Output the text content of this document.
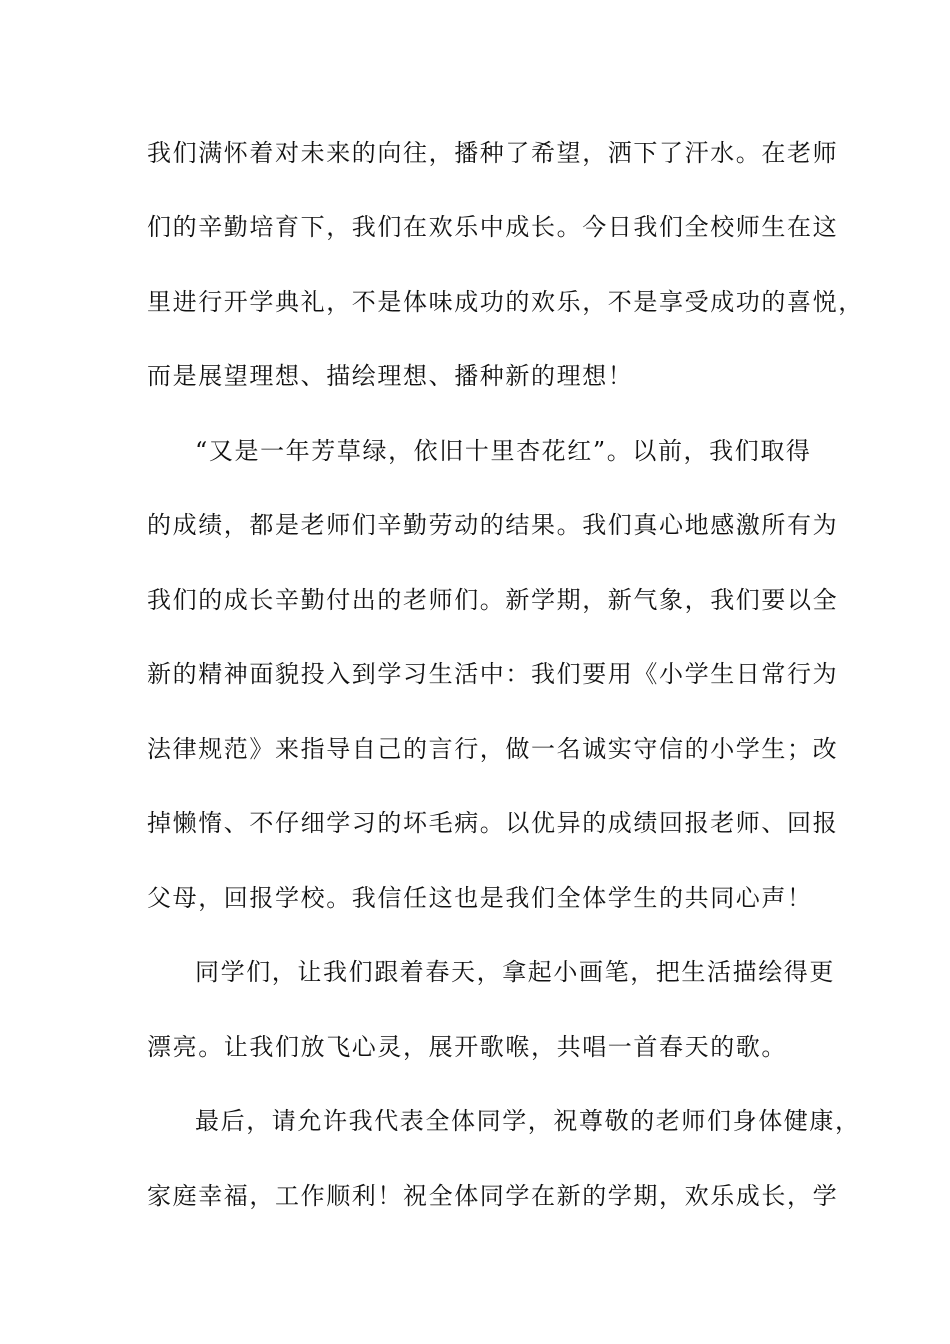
我们满怀着对未来的向往，播种了希望，洒下了汗水。在老师
们的辛勤培育下，我们在欢乐中成长。今日我们全校师生在这
里进行开学典礼，不是体味成功的欢乐，不是享受成功的喜悦，
而是展望理想、描绘理想、播种新的理想！
“又是一年芳草绿，依旧十里杏花红”。以前，我们取得
的成绩，都是老师们辛勤劳动的结果。我们真心地感激所有为
我们的成长辛勤付出的老师们。新学期，新气象，我们要以全
新的精神面貌投入到学习生活中：我们要用《小学生日常行为
法律规范》来指导自己的言行，做一名诚实守信的小学生；改
掉懒惰、不仔细学习的坏毛病。以优异的成绩回报老师、回报
父母，回报学校。我信任这也是我们全体学生的共同心声！
同学们，让我们跟着春天，拿起小画笔，把生活描绘得更
漂亮。让我们放飞心灵，展开歌喉，共唱一首春天的歌。
最后，请允许我代表全体同学，祝尊敬的老师们身体健康，
家庭幸福，工作顺利！祝全体同学在新的学期，欢乐成长，学
